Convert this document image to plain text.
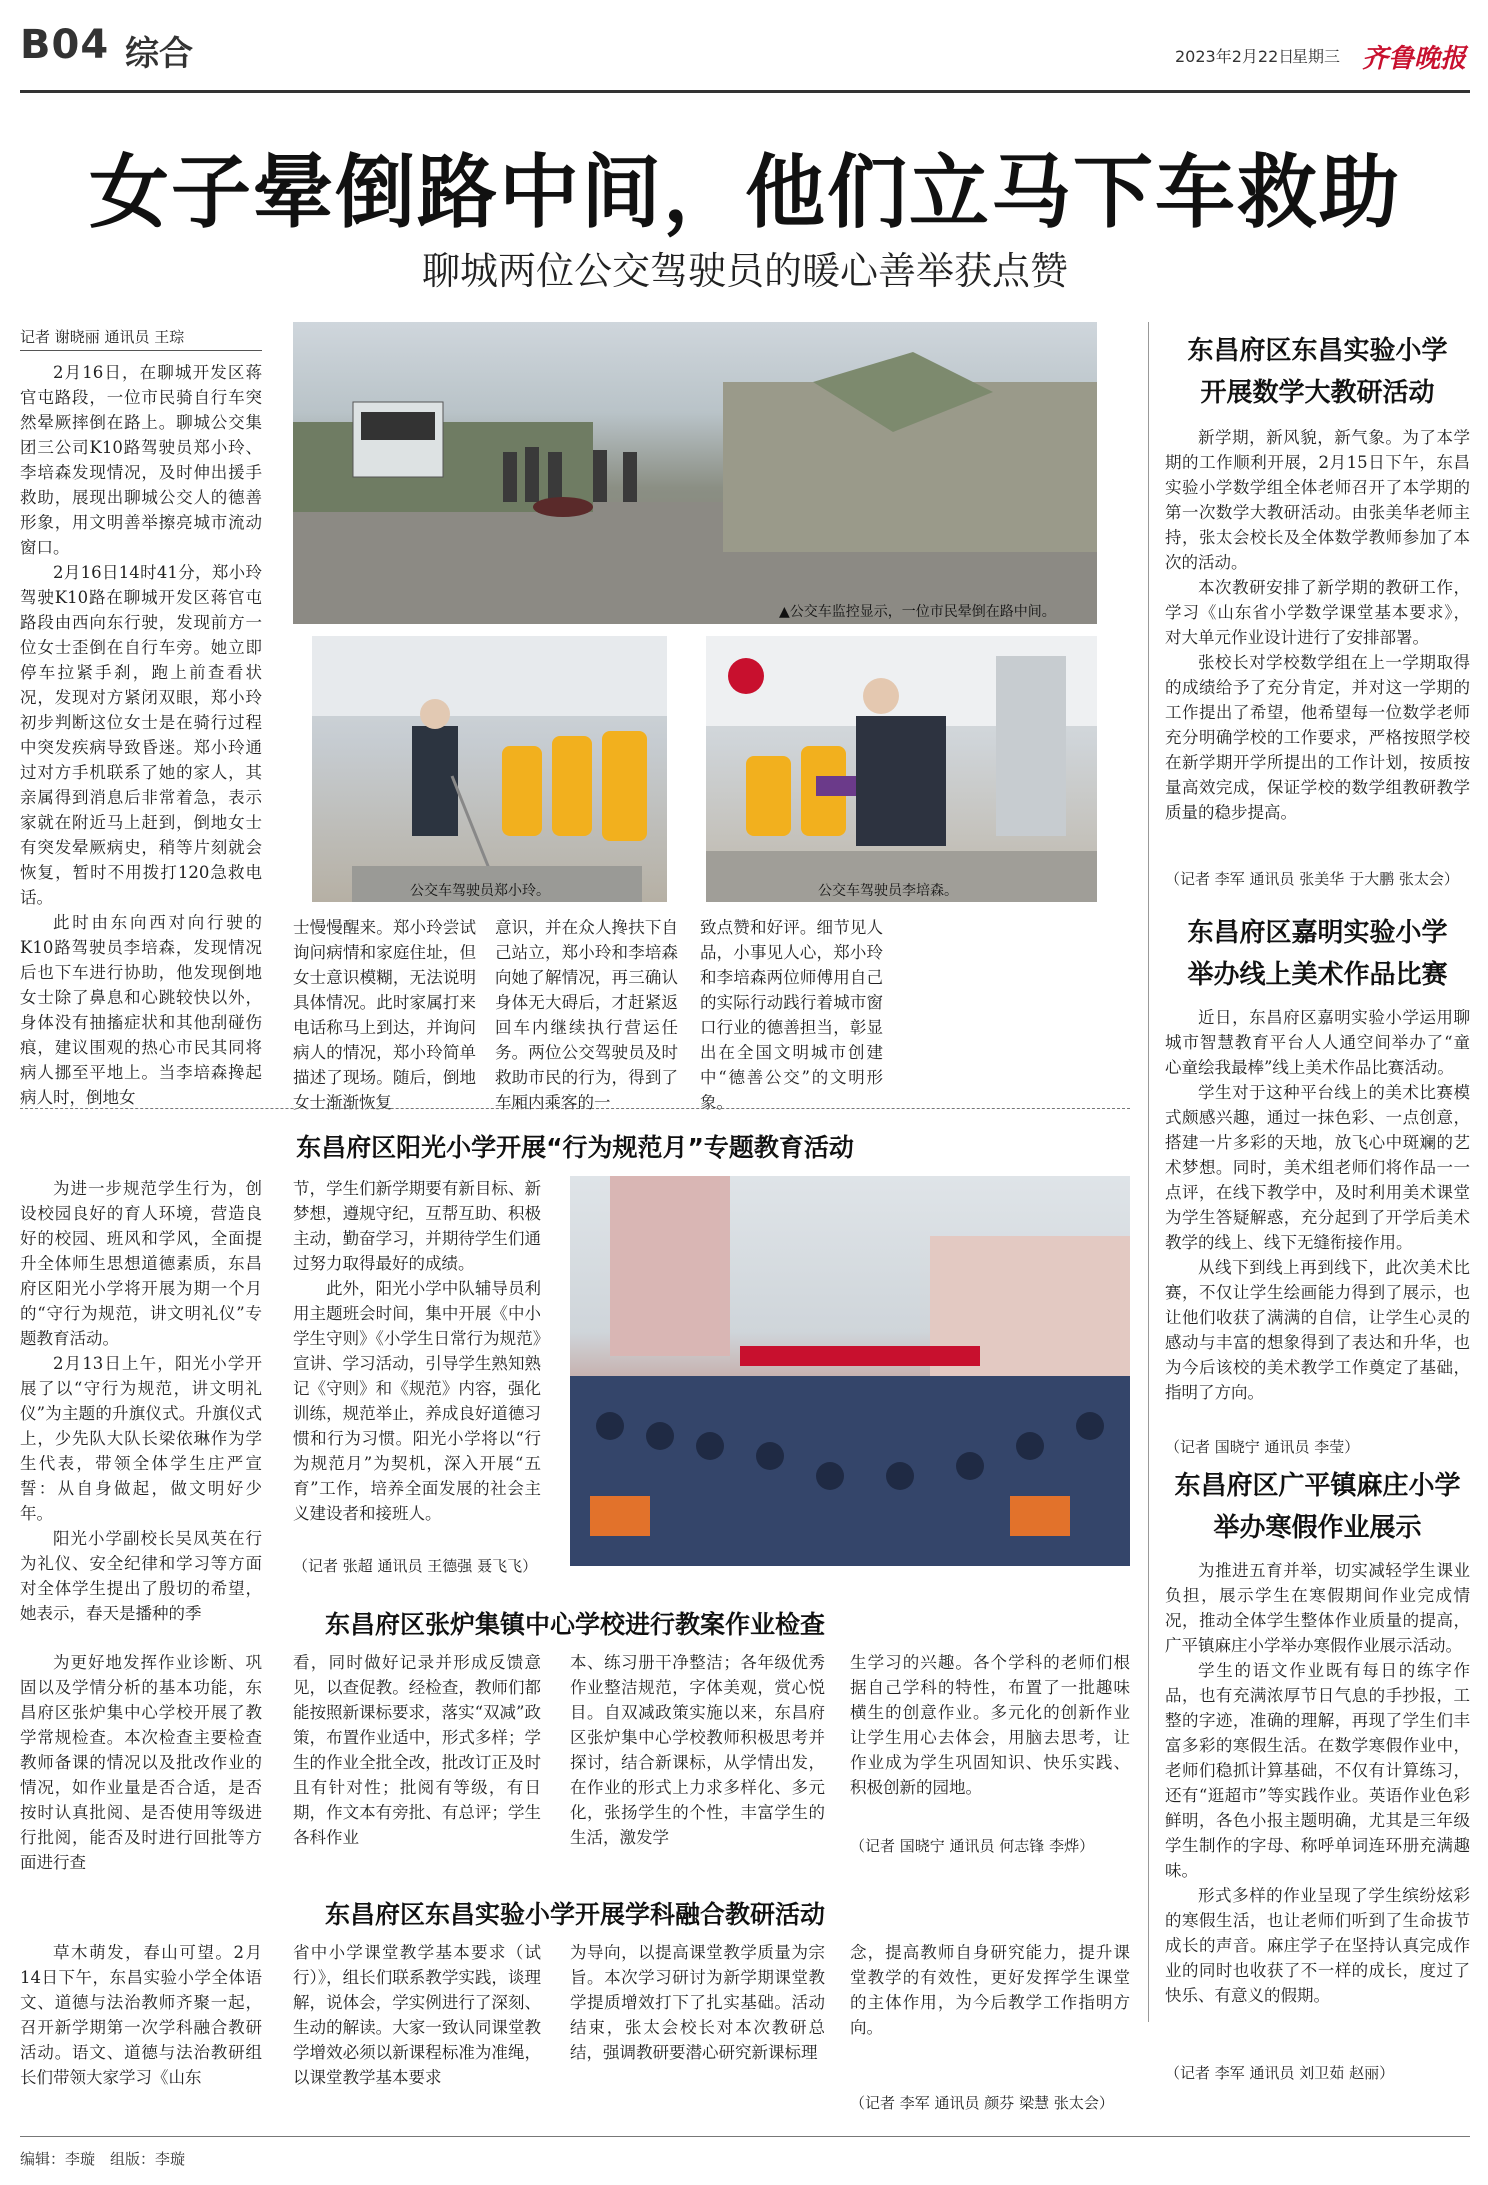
B04 综合	2023年2月22日
星期三 齐鲁晚报
女子晕倒路中间，他们立马下车救助
聊城两位公交驾驶员的暖心善举获点赞
记者 谢晓丽 通讯员 王琮

2月16日，在聊城开发区蒋官屯路段，一位市民骑自行车突然晕厥摔倒在路上。聊城公交集团三公司K10路驾驶员郑小玲、李培森发现情况，及时伸出援手救助，展现出聊城公交人的德善形象，用文明善举擦亮城市流动窗口。

2月16日14时41分，郑小玲驾驶K10路在聊城开发区蒋官屯路段由西向东行驶，发现前方一位女士歪倒在自行车旁。她立即停车拉紧手刹，跑上前查看状况，发现对方紧闭双眼，郑小玲初步判断这位女士是在骑行过程中突发疾病导致昏迷。郑小玲通过对方手机联系了她的家人，其亲属得到消息后非常着急，表示家就在附近马上赶到，倒地女士有突发晕厥病史，稍等片刻就会恢复，暂时不用拨打120急救电话。

此时由东向西对向行驶的K10路驾驶员李培森，发现情况后也下车进行协助，他发现倒地女士除了鼻息和心跳较快以外，身体没有抽搐症状和其他刮碰伤痕，建议围观的热心市民其同将病人挪至平地上。当李培森搀起病人时，倒地女

▲公交车监控显示，一位市民晕倒在路中间。
公交车驾驶员郑小玲。	公交车驾驶员李培森。

士慢慢醒来。郑小玲尝试询问病情和家庭住址，但女士意识模糊，无法说明具体情况。此时家属打来电话称马上到达，并询问病人的情况，郑小玲简单描述了现场。随后，倒地女士渐渐恢复

意识，并在众人搀扶下自己站立，郑小玲和李培森向她了解情况，再三确认身体无大碍后，才赶紧返回车内继续执行营运任务。两位公交驾驶员及时救助市民的行为，得到了车厢内乘客的一

致点赞和好评。细节见人品，小事见人心，郑小玲和李培森两位师傅用自己的实际行动践行着城市窗口行业的德善担当，彰显出在全国文明城市创建中“德善公交”的文明形象。

东昌府区阳光小学开展“行为规范月”专题教育活动

为进一步规范学生行为，创设校园良好的育人环境，营造良好的校园、班风和学风，全面提升全体师生思想道德素质，东昌府区阳光小学将开展为期一个月的“守行为规范，讲文明礼仪”专题教育活动。

2月13日上午，阳光小学开展了以“守行为规范，讲文明礼仪”为主题的升旗仪式。升旗仪式上，少先队大队长梁依琳作为学生代表，带领全体学生庄严宣誓：从自身做起，做文明好少年。

阳光小学副校长吴凤英在行为礼仪、安全纪律和学习等方面对全体学生提出了殷切的希望，她表示，春天是播种的季

节，学生们新学期要有新目标、新梦想，遵规守纪，互帮互助、积极主动，勤奋学习，并期待学生们通过努力取得最好的成绩。

此外，阳光小学中队辅导员利用主题班会时间，集中开展《中小学生守则》《小学生日常行为规范》宣讲、学习活动，引导学生熟知熟记《守则》和《规范》内容，强化训练，规范举止，养成良好道德习惯和行为习惯。阳光小学将以“行为规范月”为契机，深入开展“五育”工作，培养全面发展的社会主义建设者和接班人。

（记者 张超 通讯员 王德强 聂飞飞）
东昌府区张炉集镇中心学校进行教案作业检查

为更好地发挥作业诊断、巩固以及学情分析的基本功能，东昌府区张炉集中心学校开展了教学常规检查。本次检查主要检查教师备课的情况以及批改作业的情况，如作业量是否合适，是否按时认真批阅、是否使用等级进行批阅，能否及时进行回批等方面进行查

看，同时做好记录并形成反馈意见，以查促教。经检查，教师们都能按照新课标要求，落实“双减”政策，布置作业适中，形式多样；学生的作业全批全改，批改订正及时且有针对性；批阅有等级，有日期，作文本有旁批、有总评；学生各科作业

本、练习册干净整洁；各年级优秀作业整洁规范，字体美观，赏心悦目。自双减政策实施以来，东昌府区张炉集中心学校教师积极思考并探讨，结合新课标，从学情出发，在作业的形式上力求多样化、多元化，张扬学生的个性，丰富学生的生活，激发学

生学习的兴趣。各个学科的老师们根据自己学科的特性，布置了一批趣味横生的创意作业。多元化的创新作业让学生用心去体会，用脑去思考，让作业成为学生巩固知识、快乐实践、积极创新的园地。

（记者 国晓宁 通讯员 何志锋 李烨）
东昌府区东昌实验小学开展学科融合教研活动

草木萌发，春山可望。2月14日下午，东昌实验小学全体语文、道德与法治教师齐聚一起，召开新学期第一次学科融合教研活动。语文、道德与法治教研组长们带领大家学习《山东

省中小学课堂教学基本要求（试行）》，组长们联系教学实践，谈理解，说体会，学实例进行了深刻、生动的解读。大家一致认同课堂教学增效必须以新课程标准为准绳，以课堂教学基本要求

为导向，以提高课堂教学质量为宗旨。本次学习研讨为新学期课堂教学提质增效打下了扎实基础。活动结束，张太会校长对本次教研总结，强调教研要潜心研究新课标理

念，提高教师自身研究能力，提升课堂教学的有效性，更好发挥学生课堂的主体作用，为今后教学工作指明方向。

（记者 李军 通讯员 颜芬 梁慧 张太会）
东昌府区东昌实验小学
开展数学大教研活动

新学期，新风貌，新气象。为了本学期的工作顺利开展，2月15日下午，东昌实验小学数学组全体老师召开了本学期的第一次数学大教研活动。由张美华老师主持，张太会校长及全体数学教师参加了本次的活动。

本次教研安排了新学期的教研工作，学习《山东省小学数学课堂基本要求》，对大单元作业设计进行了安排部署。

张校长对学校数学组在上一学期取得的成绩给予了充分肯定，并对这一学期的工作提出了希望，他希望每一位数学老师充分明确学校的工作要求，严格按照学校在新学期开学所提出的工作计划，按质按量高效完成，保证学校的数学组教研教学质量的稳步提高。

（记者 李军 通讯员 张美华 于大鹏 张太会）
东昌府区嘉明实验小学
举办线上美术作品比赛

近日，东昌府区嘉明实验小学运用聊城市智慧教育平台人人通空间举办了“童心童绘我最棒”线上美术作品比赛活动。

学生对于这种平台线上的美术比赛模式颇感兴趣，通过一抹色彩、一点创意，搭建一片多彩的天地，放飞心中斑斓的艺术梦想。同时，美术组老师们将作品一一点评，在线下教学中，及时利用美术课堂为学生答疑解惑，充分起到了开学后美术教学的线上、线下无缝衔接作用。

从线下到线上再到线下，此次美术比赛，不仅让学生绘画能力得到了展示，也让他们收获了满满的自信，让学生心灵的感动与丰富的想象得到了表达和升华，也为今后该校的美术教学工作奠定了基础，指明了方向。

（记者 国晓宁 通讯员 李莹）
东昌府区广平镇麻庄小学
举办寒假作业展示

为推进五育并举，切实减轻学生课业负担，展示学生在寒假期间作业完成情况，推动全体学生整体作业质量的提高，广平镇麻庄小学举办寒假作业展示活动。

学生的语文作业既有每日的练字作品，也有充满浓厚节日气息的手抄报，工整的字迹，准确的理解，再现了学生们丰富多彩的寒假生活。在数学寒假作业中，老师们稳抓计算基础，不仅有计算练习，还有“逛超市”等实践作业。英语作业色彩鲜明，各色小报主题明确，尤其是三年级学生制作的字母、称呼单词连环册充满趣味。

形式多样的作业呈现了学生缤纷炫彩的寒假生活，也让老师们听到了生命拔节成长的声音。麻庄学子在坚持认真完成作业的同时也收获了不一样的成长，度过了快乐、有意义的假期。

（记者 李军 通讯员 刘卫茹 赵丽）
编辑：李璇 组版：李璇
